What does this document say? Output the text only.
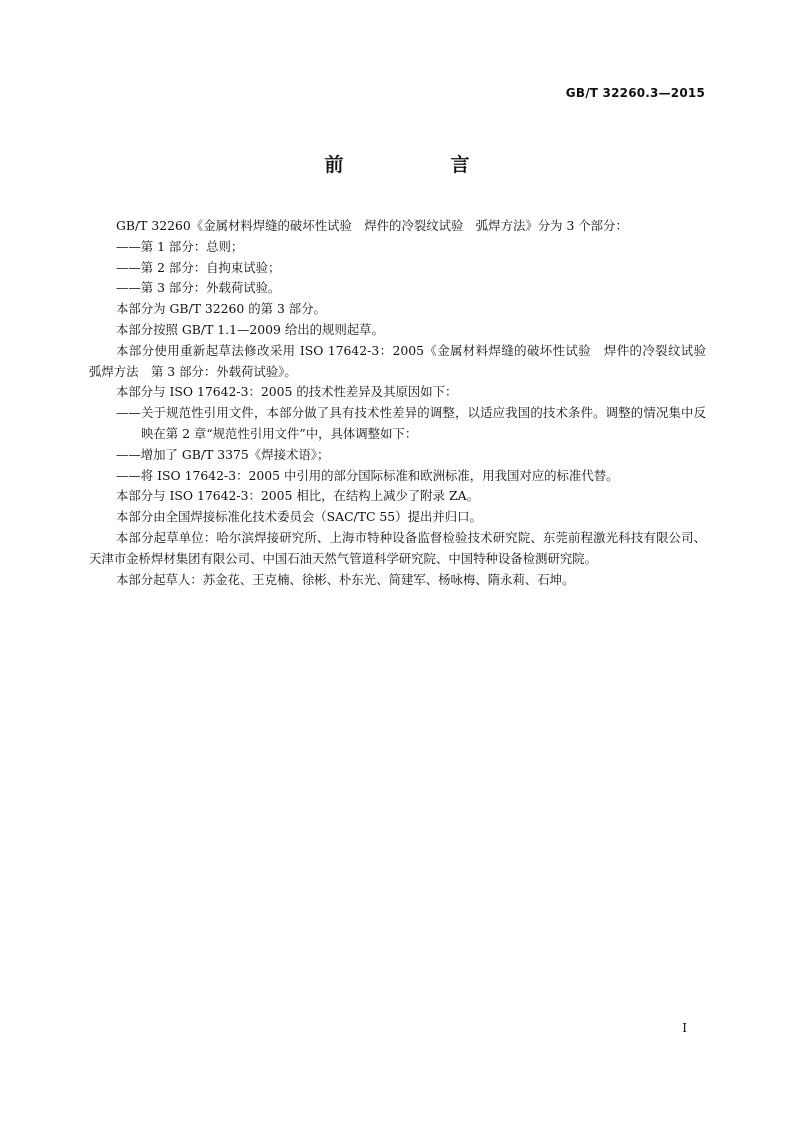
GB/T 32260.3—2015
前　言

GB/T 32260《金属材料焊缝的破坏性试验　焊件的冷裂纹试验　弧焊方法》分为 3 个部分：

——第 1 部分：总则；

——第 2 部分：自拘束试验；

——第 3 部分：外载荷试验。

本部分为 GB/T 32260 的第 3 部分。

本部分按照 GB/T 1.1—2009 给出的规则起草。

本部分使用重新起草法修改采用 ISO 17642-3：2005《金属材料焊缝的破坏性试验　焊件的冷裂纹试验　弧焊方法　第 3 部分：外载荷试验》。

本部分与 ISO 17642-3：2005 的技术性差异及其原因如下：

——关于规范性引用文件，本部分做了具有技术性差异的调整，以适应我国的技术条件。调整的情况集中反映在第 2 章“规范性引用文件”中，具体调整如下：

——增加了 GB/T 3375《焊接术语》；

——将 ISO 17642-3：2005 中引用的部分国际标准和欧洲标准，用我国对应的标准代替。

本部分与 ISO 17642-3：2005 相比，在结构上减少了附录 ZA。

本部分由全国焊接标准化技术委员会（SAC/TC 55）提出并归口。

本部分起草单位：哈尔滨焊接研究所、上海市特种设备监督检验技术研究院、东莞前程激光科技有限公司、天津市金桥焊材集团有限公司、中国石油天然气管道科学研究院、中国特种设备检测研究院。

本部分起草人：苏金花、王克楠、徐彬、朴东光、简建军、杨咏梅、隋永莉、石坤。

I
